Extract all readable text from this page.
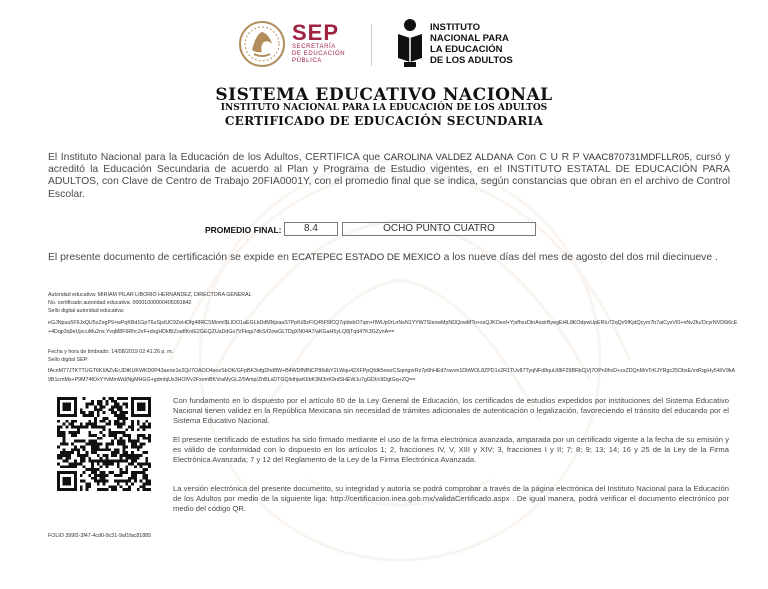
SEP
SECRETARÍA
DE EDUCACIÓN
PÚBLICA
INSTITUTO
NACIONAL PARA
LA EDUCACIÓN
DE LOS ADULTOS
SISTEMA EDUCATIVO NACIONAL
INSTITUTO NACIONAL PARA LA EDUCACIÓN DE LOS ADULTOS
CERTIFICADO DE EDUCACIÓN SECUNDARIA
El Instituto Nacional para la Educación de los Adultos, CERTIFICA que CAROLINA VALDEZ ALDANA Con C U R P VAAC870731MDFLLR05, cursó y acreditó la Educación Secundaria de acuerdo al Plan y Programa de Estudio vigentes, en el INSTITUTO ESTATAL DE EDUCACIÓN PARA ADULTOS, con Clave de Centro de Trabajo 20FIA0001Y, con el promedio final que se indica, según constancias que obran en el archivo de Control Escolar.
PROMEDIO FINAL:	8.4	OCHO PUNTO CUATRO
El presente documento de certificación se expide en ECATEPEC ESTADO DE MEXICO a los nueve días del mes de agosto del dos mil diecinueve .
Autoridad educativa: MIRIAM PILAR LIBORIO HERNÁNDEZ, DIRECTORA GENERAL
No. certificado autoridad educativa: 00001000000405091842
Sello digital autoridad educativa:
eGJNpuu5F9JxQU5zZegP9+wPqKBd1GpT6uSjstUC9ZeHOfg48RCSMomI$LIDO1aEGLbDdMNjxaaS7PpKi/8zFIQ45F5fCQ7qIdebO7qm+fIWUp0rLnNsN1YYW7SIexwMpNDQowMTo+ssQJKOexf+YjxfhxzDtnAxsirByegEt4L8KOdpwUpERIu72qQv5fKjdQcym7b7aiCysVI0+nNv2fu/OcyrNVD6i6cE+4Dqp3q9eUjxcuMu2ns YvqM8F6Rhc2vF+dxgHDkBIZoafIKnlE2GEQZUaDdGs7VFkqp7dkS/I2owGLTDgXN04A7/aKGaH5yLQ8jTqd47K3GZynA==
Fecha y hora de timbrado: 14/08/2019 02:41:26 p. m.
Sello digital SEP:
fAcnM77JTKTTUGT6KI/AZvErJDtKUKWKD0P43aene1e2Qi/7OAOO4sozSbOK/GFpBK3ofgDhd8W+B4WDfNfNCP86dbY2LWqu42XFPpQfdk5ewzCSqmgvrRz7p6hHEd7ravvn1DbWOL8ZPD1x2R1TUv87TyqNFd8quUI8iF29BRkCjVj7OPn0hvD+zxZDQnM/vTrKJYRgc25ObsE/vxRqyHy54/iV9kA9B1cmMx+P9M74fOxYYvMmWd/NgMHGG+gdmbjUs3HOlVv2FxomBKVraMyGL2/0Amp/ZhBLsDTGQ/kthjwK6bK3M3nK9rdSHEWJu7gGDI/c9DgtGq+ZQ==
Con fundamento en lo dispuesto por el artículo 60 de la Ley General de Educación, los certificados de estudios expedidos por instituciones del Sistema Educativo Nacional tienen validez en la República Mexicana sin necesidad de trámites adicionales de autenticación o legalización, favoreciendo el tránsito del educando por el Sistema Educativo Nacional.
El presente certificado de estudios ha sido firmado mediante el uso de la firma electrónica avanzada, amparada por un certificado vigente a la fecha de su emisión y es válido de conformidad con lo dispuesto en los artículos 1; 2, fracciones IV, V, XIII y XIV; 3, fracciones I y II; 7; 8; 9; 13; 14; 16 y 25 de la Ley de la Firma Electrónica Avanzada; 7 y 12 del Reglamento de la Ley de la Firma Electrónica Avanzada.
La versión electrónica del presente documento, su integridad y autoría se podrá comprobar a través de la página electrónica del Instituto Nacional para la Educación de los Adultos por medio de la siguiente liga: http://certificacion.inea.gob.mx/validaCertificado.aspx . De igual manera, podrá verificar el documento electrónico por medio del código QR.
FOLIO 399f2-3f47-4cd0-9c31-9af1fac81885
